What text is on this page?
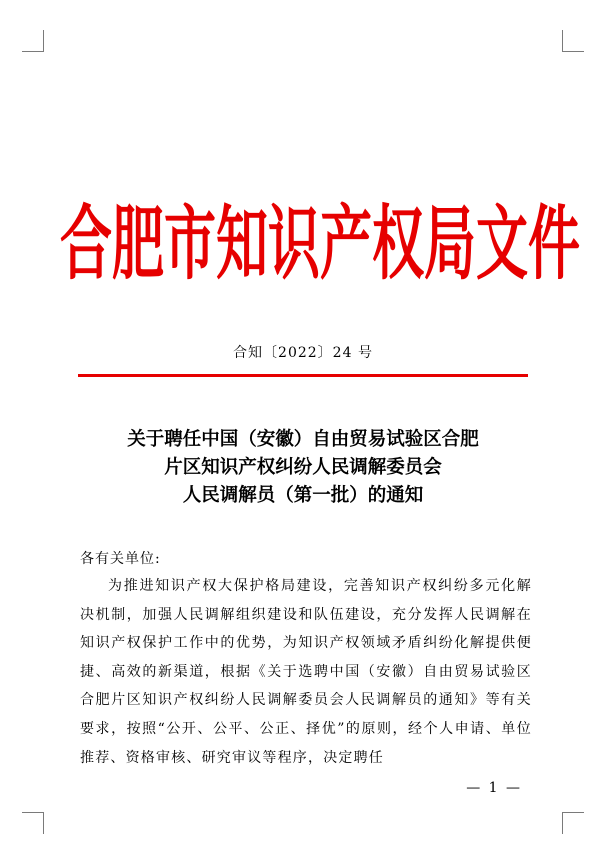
合肥市知识产权局文件
合知〔2022〕24 号
关于聘任中国（安徽）自由贸易试验区合肥
片区知识产权纠纷人民调解委员会
人民调解员（第一批）的通知
各有关单位:
为推进知识产权大保护格局建设，完善知识产权纠纷多元化解决机制，加强人民调解组织建设和队伍建设，充分发挥人民调解在知识产权保护工作中的优势，为知识产权领域矛盾纠纷化解提供便捷、高效的新渠道，根据《关于选聘中国（安徽）自由贸易试验区合肥片区知识产权纠纷人民调解委员会人民调解员的通知》等有关要求，按照“公开、公平、公正、择优”的原则，经个人申请、单位推荐、资格审核、研究审议等程序，决定聘任
— 1 —
